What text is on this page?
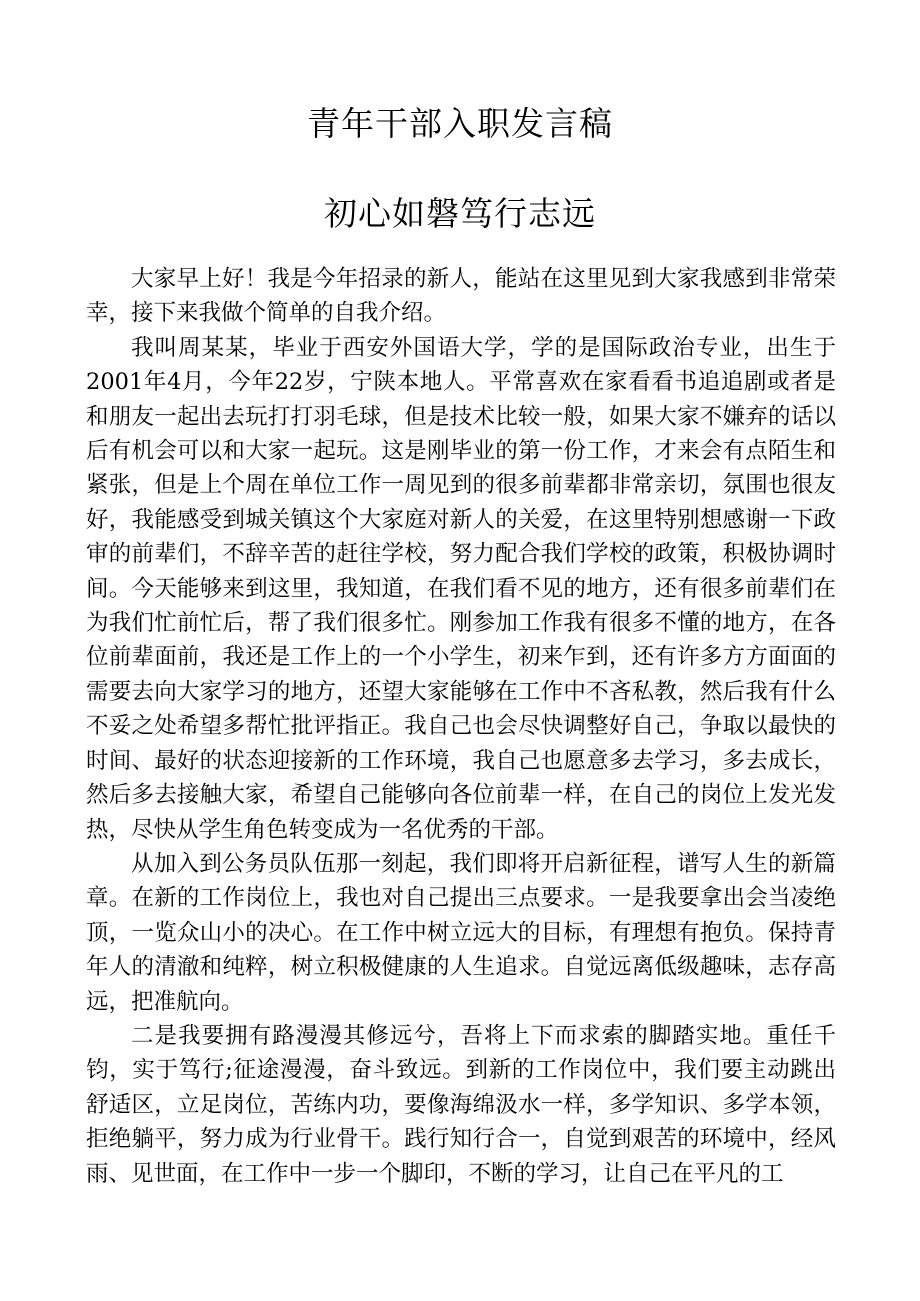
青年干部入职发言稿
初心如磐笃行志远

大家早上好！我是今年招录的新人，能站在这里见到大家我感到非常荣幸，接下来我做个简单的自我介绍。

我叫周某某，毕业于西安外国语大学，学的是国际政治专业，出生于2001年4月，今年22岁，宁陕本地人。平常喜欢在家看看书追追剧或者是和朋友一起出去玩打打羽毛球，但是技术比较一般，如果大家不嫌弃的话以后有机会可以和大家一起玩。这是刚毕业的第一份工作，才来会有点陌生和紧张，但是上个周在单位工作一周见到的很多前辈都非常亲切，氛围也很友好，我能感受到城关镇这个大家庭对新人的关爱，在这里特别想感谢一下政审的前辈们，不辞辛苦的赶往学校，努力配合我们学校的政策，积极协调时间。今天能够来到这里，我知道，在我们看不见的地方，还有很多前辈们在为我们忙前忙后，帮了我们很多忙。刚参加工作我有很多不懂的地方，在各位前辈面前，我还是工作上的一个小学生，初来乍到，还有许多方方面面的需要去向大家学习的地方，还望大家能够在工作中不吝私教，然后我有什么不妥之处希望多帮忙批评指正。我自己也会尽快调整好自己，争取以最快的时间、最好的状态迎接新的工作环境，我自己也愿意多去学习，多去成长，然后多去接触大家，希望自己能够向各位前辈一样，在自己的岗位上发光发热，尽快从学生角色转变成为一名优秀的干部。

从加入到公务员队伍那一刻起，我们即将开启新征程，谱写人生的新篇章。在新的工作岗位上，我也对自己提出三点要求。一是我要拿出会当凌绝顶，一览众山小的决心。在工作中树立远大的目标，有理想有抱负。保持青年人的清澈和纯粹，树立积极健康的人生追求。自觉远离低级趣味，志存高远，把准航向。

二是我要拥有路漫漫其修远兮，吾将上下而求索的脚踏实地。重任千钧，实于笃行;征途漫漫，奋斗致远。到新的工作岗位中，我们要主动跳出舒适区，立足岗位，苦练内功，要像海绵汲水一样，多学知识、多学本领，拒绝躺平，努力成为行业骨干。践行知行合一，自觉到艰苦的环境中，经风雨、见世面，在工作中一步一个脚印，不断的学习，让自己在平凡的工
